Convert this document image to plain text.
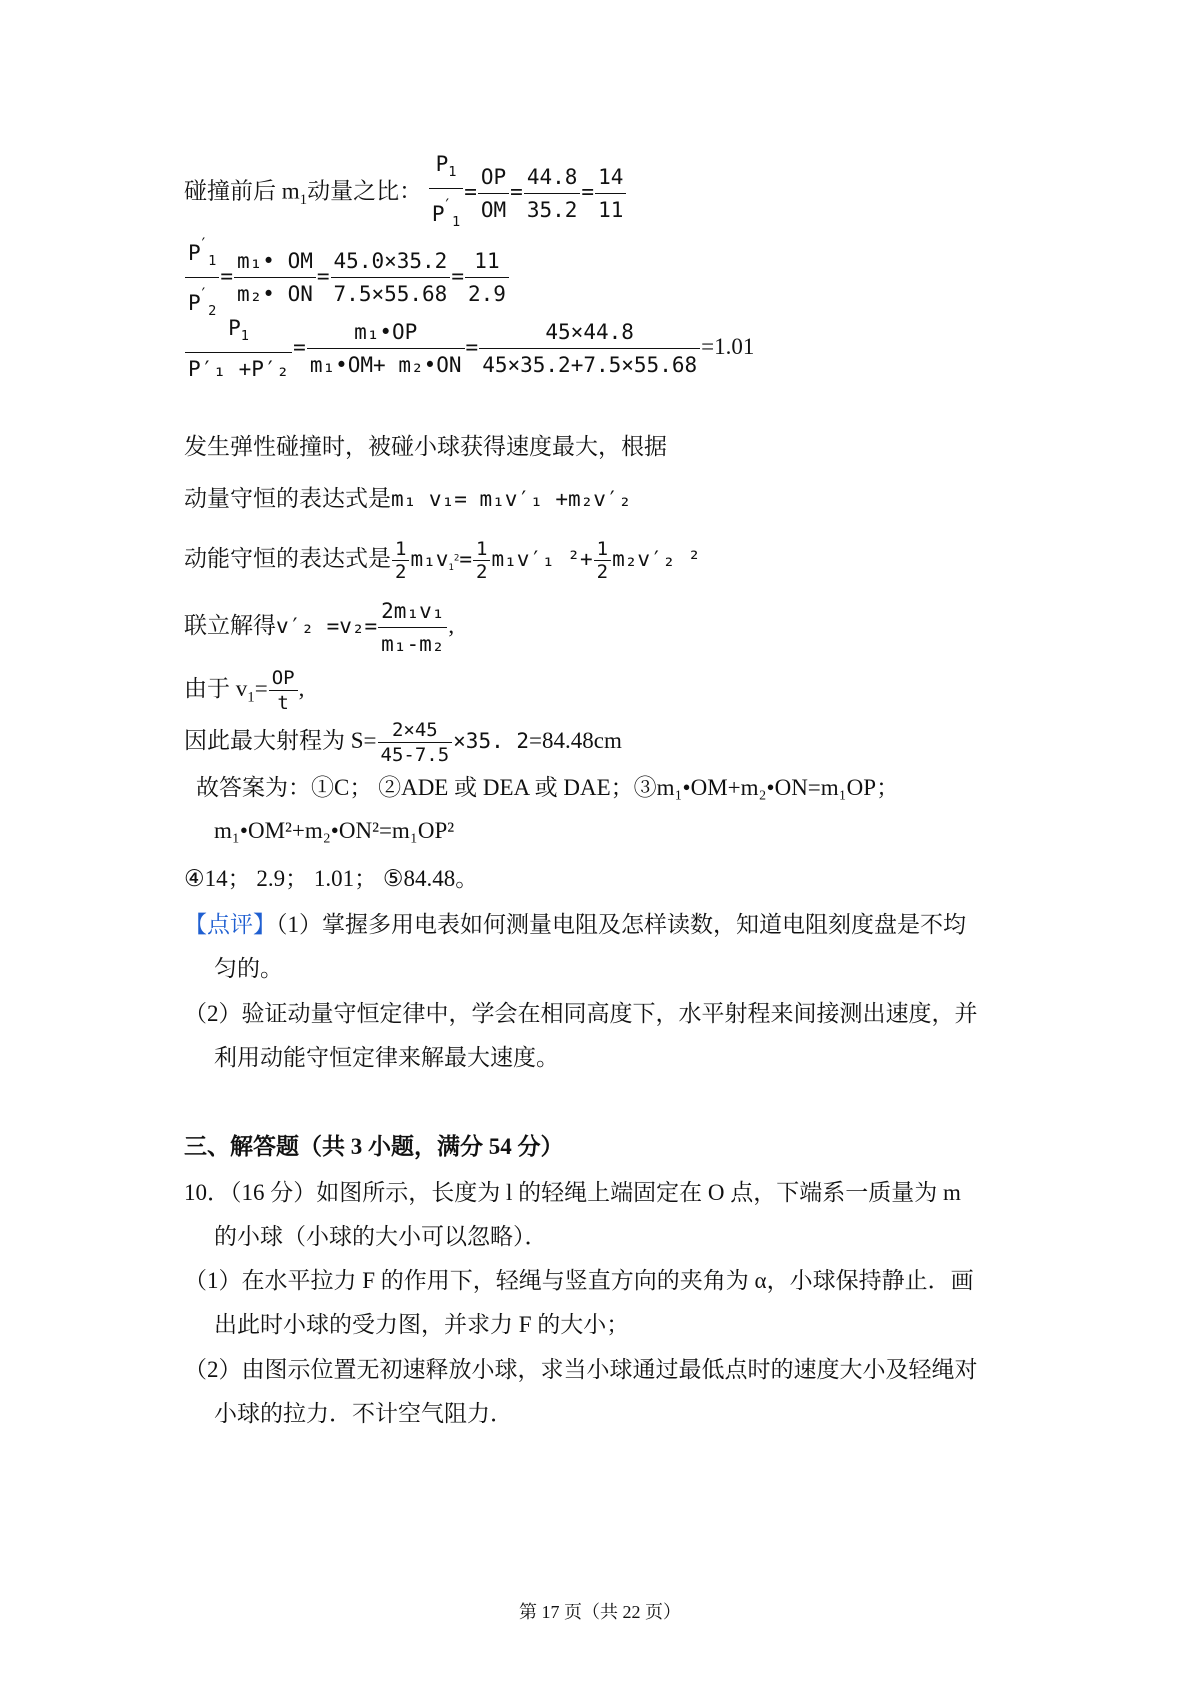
碰撞前后 $m_1$动量之比： $\frac{P_1}{P'_1} = \frac{OP}{OM} = \frac{44.8}{35.2} = \frac{14}{11}$
$\frac{P'_1}{P'_2} = \frac{\text{m₁• OM}}{\text{m₂• ON}} = \frac{45.0\times 35.2}{7.5\times 55.68} = \frac{11}{2.9}$
$\frac{P_1}{\text{P′₁ +P′₂}} = \frac{\text{m₁•OP}}{\text{m₁•OM+ m₂•ON}} = \frac{45\times 44.8}{45\times 35.2+7.5\times 55.68} =1.01$
发生弹性碰撞时，被碰小球获得速度最大，根据
动量守恒的表达式是m₁ v₁= m₁v′₁ +m₂v′₂
动能守恒的表达式是 $\frac{1}{2} m_1v_1^2= \frac{1}{2} m_1v'_1$ $^2+ \frac{1}{2} m_2v'_2$ ²
联立解得$v'_2 =v_2= \frac{\text{2m₁v₁}}{\text{m₁-m₂}}$ ,
由于 $v_1= \frac{OP}{t}$ ,
因此最大射程为 $S= \frac{2\times 45}{45-7.5} \times 35$. 2=84.48cm
故答案为：①C； ②ADE 或 DEA 或 DAE；③m₁•OM+m₂•ON=m₁OP；
m₁•OM²+m₂•ON²=m₁OP²
④14； 2.9； 1.01； ⑤84.48。
【点评】（1）掌握多用电表如何测量电阻及怎样读数，知道电阻刻度盘是不均
匀的。
（2）验证动量守恒定律中，学会在相同高度下，水平射程来间接测出速度，并
利用动能守恒定律来解最大速度。
三、解答题（共 3 小题，满分 54 分）
10．（16 分）如图所示，长度为 l 的轻绳上端固定在 O 点，下端系一质量为 m
的小球（小球的大小可以忽略）．
（1）在水平拉力 F 的作用下，轻绳与竖直方向的夹角为 α，小球保持静止．画
出此时小球的受力图，并求力 F 的大小；
（2）由图示位置无初速释放小球，求当小球通过最低点时的速度大小及轻绳对
小球的拉力．不计空气阻力．
第 17 页（共 22 页）
